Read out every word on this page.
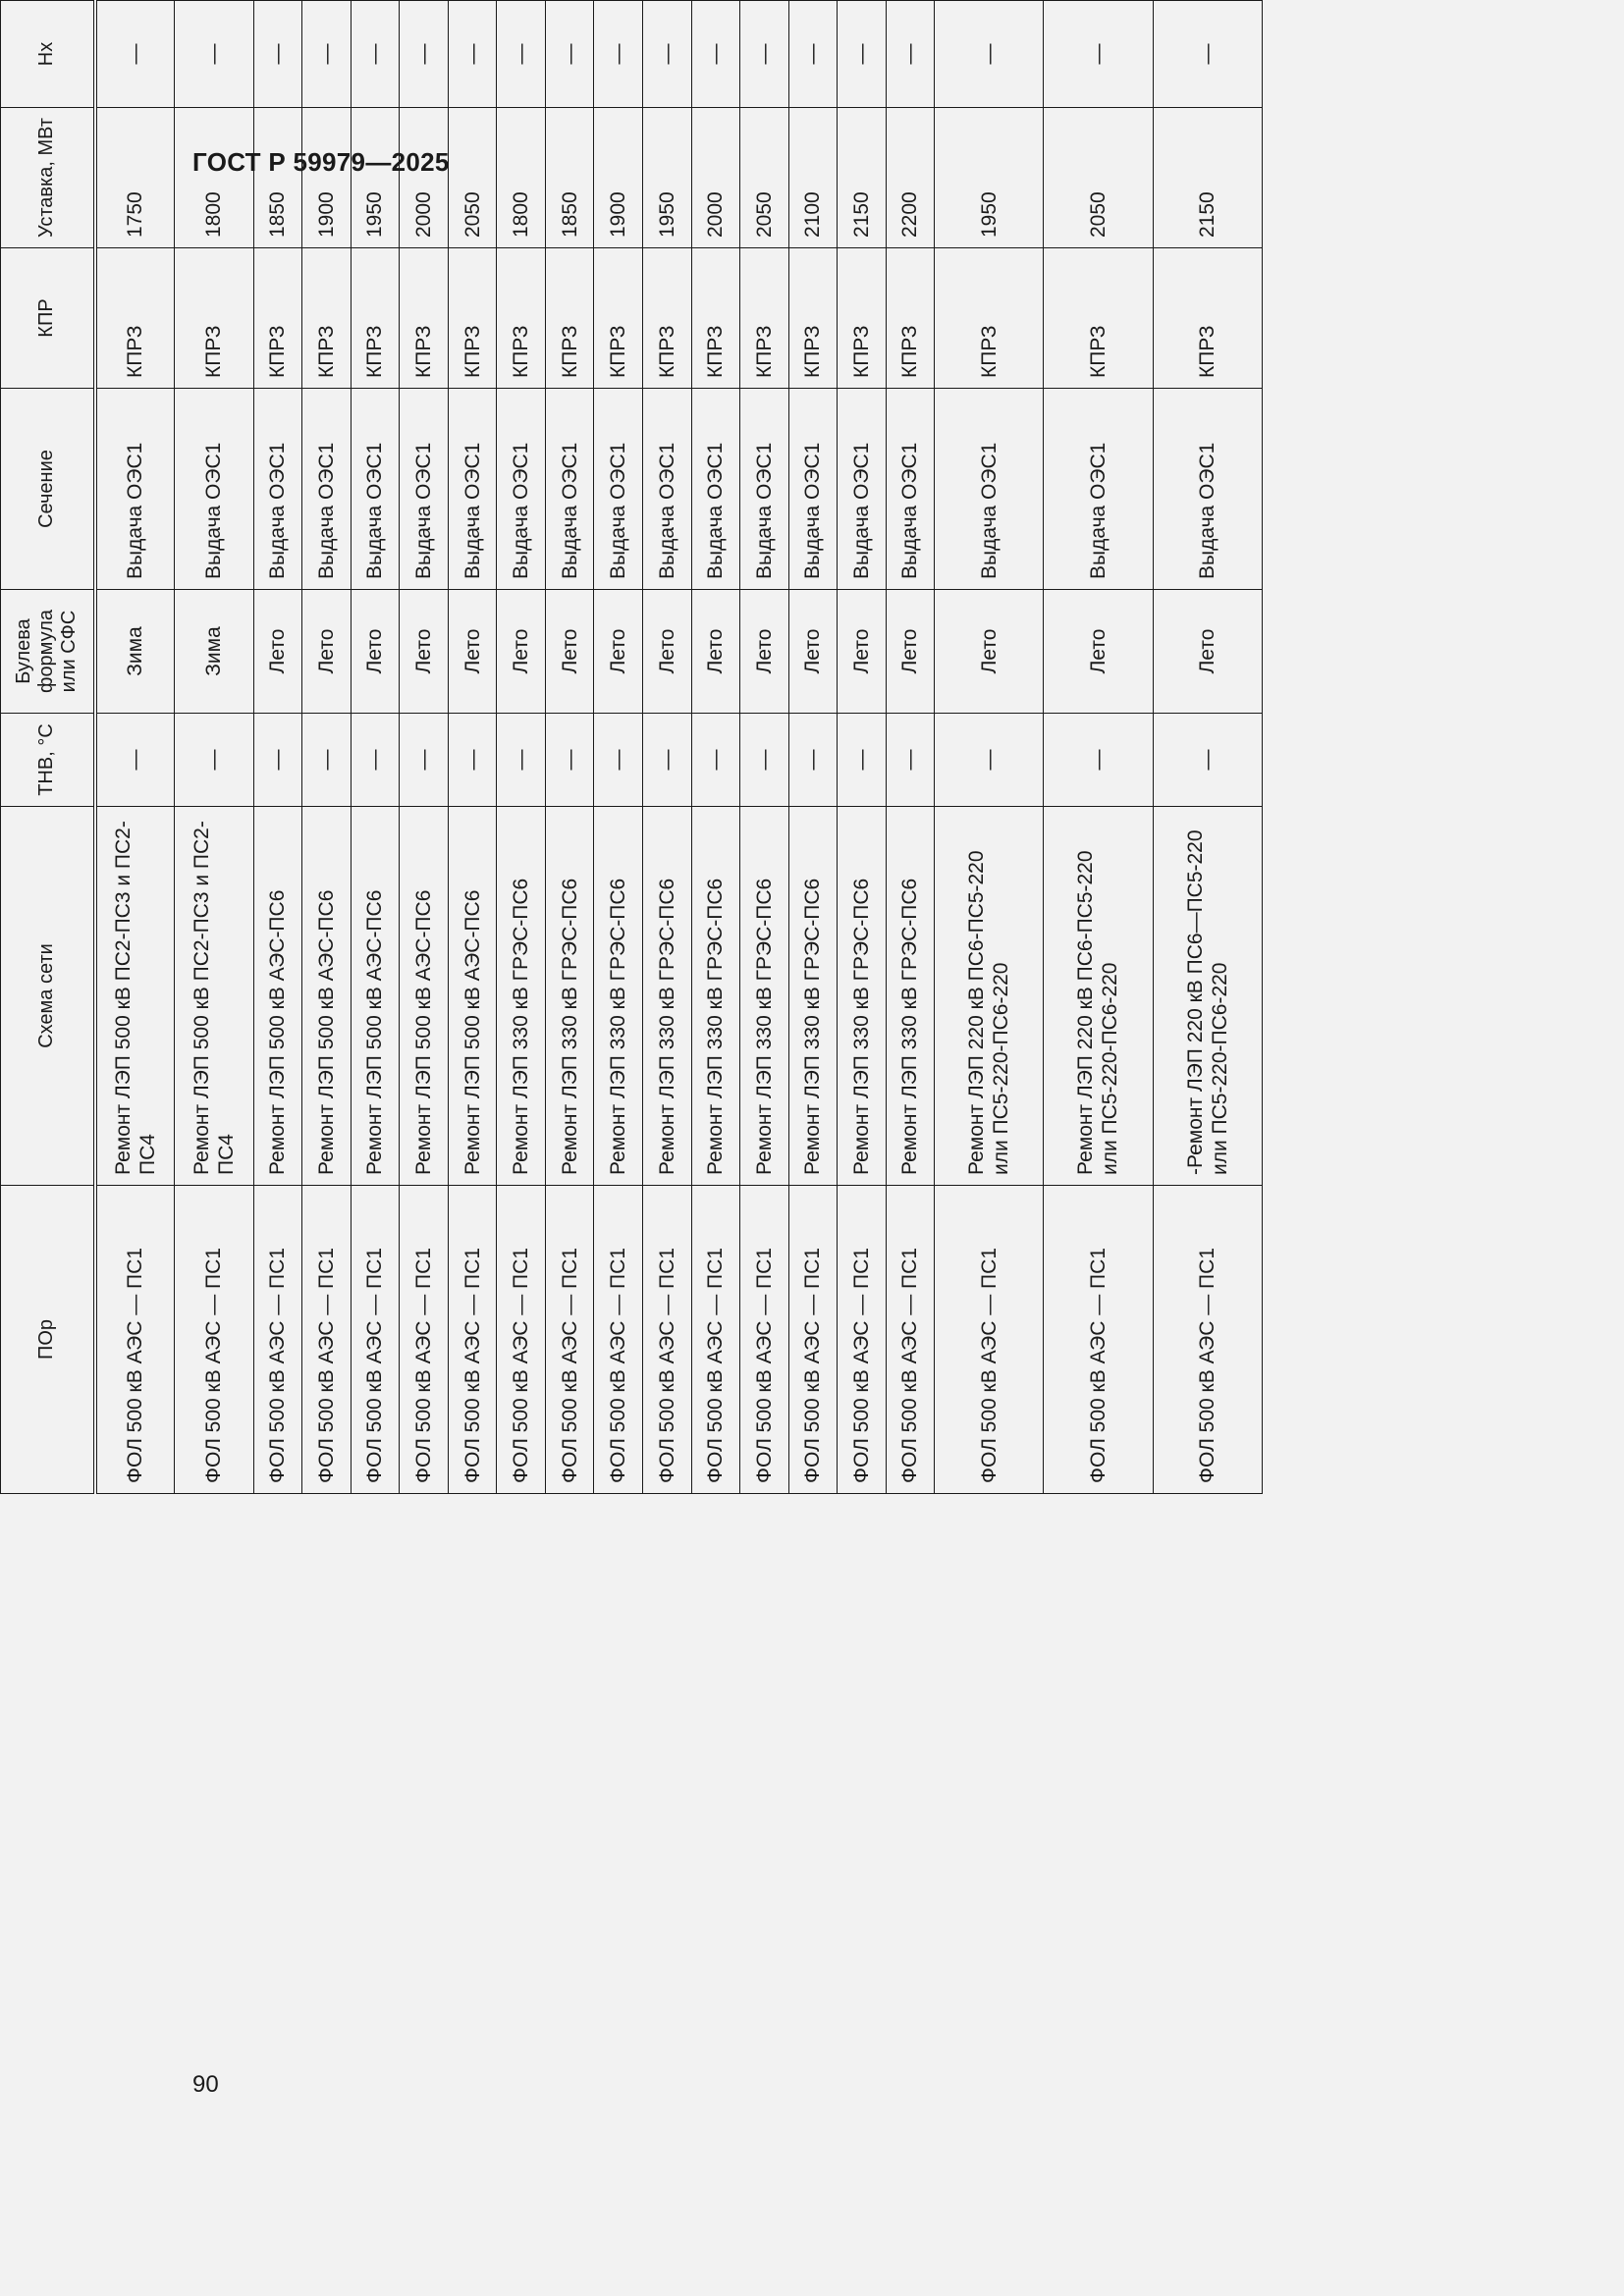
ГОСТ Р 59979—2025
ПОр	Схема сети	ТНВ, °С	Булева формула или СФС	Сечение	КПР	Уставка, МВт	Нх	
ФОЛ 500 кВ АЭС — ПС1	Ремонт ЛЭП 500 кВ ПС2-ПС3 и ПС2-ПС4	—	Зима	Выдача ОЭС1	КПРЗ	1750	—	
ФОЛ 500 кВ АЭС — ПС1	Ремонт ЛЭП 500 кВ ПС2-ПС3 и ПС2-ПС4	—	Зима	Выдача ОЭС1	КПРЗ	1800	—	
ФОЛ 500 кВ АЭС — ПС1	Ремонт ЛЭП 500 кВ АЭС-ПС6	—	Лето	Выдача ОЭС1	КПРЗ	1850	—	
ФОЛ 500 кВ АЭС — ПС1	Ремонт ЛЭП 500 кВ АЭС-ПС6	—	Лето	Выдача ОЭС1	КПРЗ	1900	—	
ФОЛ 500 кВ АЭС — ПС1	Ремонт ЛЭП 500 кВ АЭС-ПС6	—	Лето	Выдача ОЭС1	КПРЗ	1950	—	
ФОЛ 500 кВ АЭС — ПС1	Ремонт ЛЭП 500 кВ АЭС-ПС6	—	Лето	Выдача ОЭС1	КПРЗ	2000	—	
ФОЛ 500 кВ АЭС — ПС1	Ремонт ЛЭП 500 кВ АЭС-ПС6	—	Лето	Выдача ОЭС1	КПРЗ	2050	—	
ФОЛ 500 кВ АЭС — ПС1	Ремонт ЛЭП 330 кВ ГРЭС-ПС6	—	Лето	Выдача ОЭС1	КПРЗ	1800	—	
ФОЛ 500 кВ АЭС — ПС1	Ремонт ЛЭП 330 кВ ГРЭС-ПС6	—	Лето	Выдача ОЭС1	КПРЗ	1850	—	
ФОЛ 500 кВ АЭС — ПС1	Ремонт ЛЭП 330 кВ ГРЭС-ПС6	—	Лето	Выдача ОЭС1	КПРЗ	1900	—	
ФОЛ 500 кВ АЭС — ПС1	Ремонт ЛЭП 330 кВ ГРЭС-ПС6	—	Лето	Выдача ОЭС1	КПРЗ	1950	—	
ФОЛ 500 кВ АЭС — ПС1	Ремонт ЛЭП 330 кВ ГРЭС-ПС6	—	Лето	Выдача ОЭС1	КПРЗ	2000	—	
ФОЛ 500 кВ АЭС — ПС1	Ремонт ЛЭП 330 кВ ГРЭС-ПС6	—	Лето	Выдача ОЭС1	КПРЗ	2050	—	
ФОЛ 500 кВ АЭС — ПС1	Ремонт ЛЭП 330 кВ ГРЭС-ПС6	—	Лето	Выдача ОЭС1	КПРЗ	2100	—	
ФОЛ 500 кВ АЭС — ПС1	Ремонт ЛЭП 330 кВ ГРЭС-ПС6	—	Лето	Выдача ОЭС1	КПРЗ	2150	—	
ФОЛ 500 кВ АЭС — ПС1	Ремонт ЛЭП 330 кВ ГРЭС-ПС6	—	Лето	Выдача ОЭС1	КПРЗ	2200	—	
ФОЛ 500 кВ АЭС — ПС1	Ремонт ЛЭП 220 кВ ПС6-ПС5-220 или ПС5-220-ПС6-220	—	Лето	Выдача ОЭС1	КПРЗ	1950	—	
ФОЛ 500 кВ АЭС — ПС1	Ремонт ЛЭП 220 кВ ПС6-ПС5-220 или ПС5-220-ПС6-220	—	Лето	Выдача ОЭС1	КПРЗ	2050	—	
ФОЛ 500 кВ АЭС — ПС1	-Ремонт ЛЭП 220 кВ ПС6—ПС5-220 или ПС5-220-ПС6-220	—	Лето	Выдача ОЭС1	КПРЗ	2150	—	
90
